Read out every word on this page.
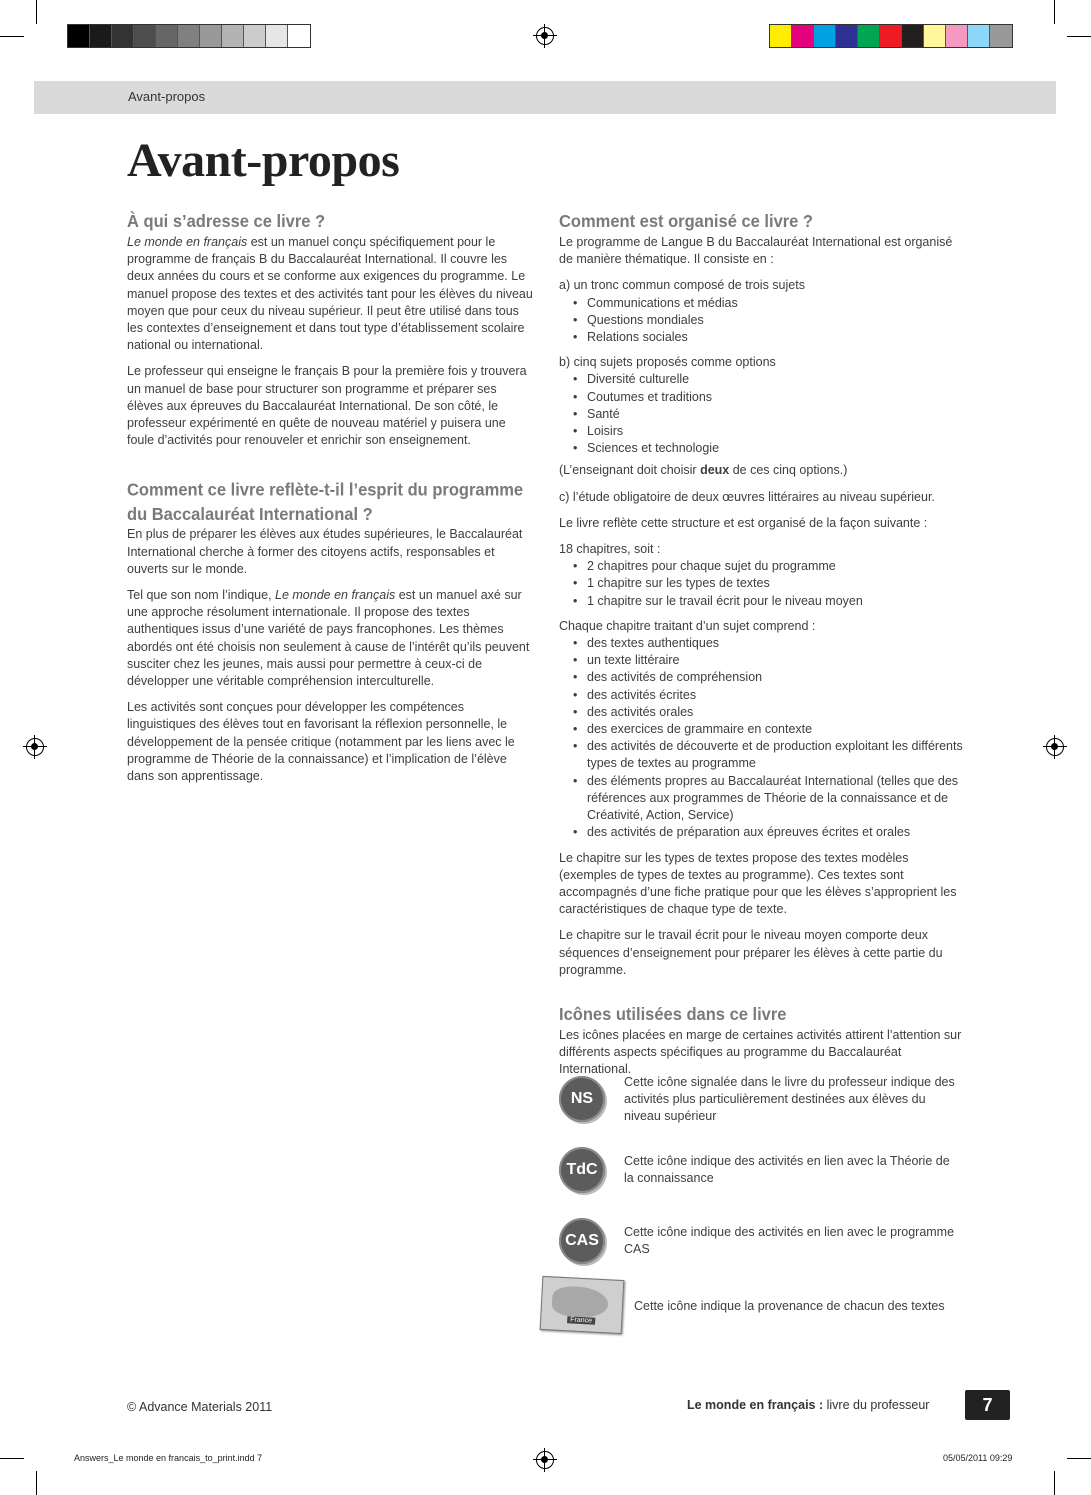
Avant-propos
Avant-propos
À qui s’adresse ce livre ?

Le monde en français est un manuel conçu spécifiquement pour le programme de français B du Baccalauréat International. Il couvre les deux années du cours et se conforme aux exigences du programme. Le manuel propose des textes et des activités tant pour les élèves du niveau moyen que pour ceux du niveau supérieur. Il peut être utilisé dans tous les contextes d’enseignement et dans tout type d’établissement scolaire national ou international.

Le professeur qui enseigne le français B pour la première fois y trouvera un manuel de base pour structurer son programme et préparer ses élèves aux épreuves du Baccalauréat International. De son côté, le professeur expérimenté en quête de nouveau matériel y puisera une foule d’activités pour renouveler et enrichir son enseignement.

Comment ce livre reflète-t-il l’esprit du programme du Baccalauréat International ?

En plus de préparer les élèves aux études supérieures, le Baccalauréat International cherche à former des citoyens actifs, responsables et ouverts sur le monde.

Tel que son nom l’indique, Le monde en français est un manuel axé sur une approche résolument internationale. Il propose des textes authentiques issus d’une variété de pays francophones. Les thèmes abordés ont été choisis non seulement à cause de l’intérêt qu’ils peuvent susciter chez les jeunes, mais aussi pour permettre à ceux-ci de développer une véritable compréhension interculturelle.

Les activités sont conçues pour développer les compétences linguistiques des élèves tout en favorisant la réflexion personnelle, le développement de la pensée critique (notamment par les liens avec le programme de Théorie de la connaissance) et l’implication de l’élève dans son apprentissage.

Comment est organisé ce livre ?

Le programme de Langue B du Baccalauréat International est organisé de manière thématique. Il consiste en :

a) un tronc commun composé de trois sujets
• Communications et médias
• Questions mondiales
• Relations sociales
b) cinq sujets proposés comme options
• Diversité culturelle
• Coutumes et traditions
• Santé
• Loisirs
• Sciences et technologie

(L’enseignant doit choisir deux de ces cinq options.)

c) l’étude obligatoire de deux œuvres littéraires au niveau supérieur.

Le livre reflète cette structure et est organisé de la façon suivante :

18 chapitres, soit :
• 2 chapitres pour chaque sujet du programme
• 1 chapitre sur les types de textes
• 1 chapitre sur le travail écrit pour le niveau moyen
Chaque chapitre traitant d’un sujet comprend :
• des textes authentiques
• un texte littéraire
• des activités de compréhension
• des activités écrites
• des activités orales
• des exercices de grammaire en contexte
• des activités de découverte et de production exploitant les différents types de textes au programme
• des éléments propres au Baccalauréat International (telles que des références aux programmes de Théorie de la connaissance et de Créativité, Action, Service)
• des activités de préparation aux épreuves écrites et orales

Le chapitre sur les types de textes propose des textes modèles (exemples de types de textes au programme). Ces textes sont accompagnés d’une fiche pratique pour que les élèves s’approprient les caractéristiques de chaque type de texte.

Le chapitre sur le travail écrit pour le niveau moyen comporte deux séquences d’enseignement pour préparer les élèves à cette partie du programme.

Icônes utilisées dans ce livre

Les icônes placées en marge de certaines activités attirent l’attention sur différents aspects spécifiques au programme du Baccalauréat International.

NS
Cette icône signalée dans le livre du professeur indique des activités plus particulièrement destinées aux élèves du niveau supérieur
TdC	Cette icône indique des activités en lien avec la Théorie de la connaissance
CAS	Cette icône indique des activités en lien avec le programme CAS
France
Cette icône indique la provenance de chacun des textes
© Advance Materials 2011	Le monde en français : livre du professeur	7
Answers_Le monde en francais_to_print.indd 7	05/05/2011 09:29
